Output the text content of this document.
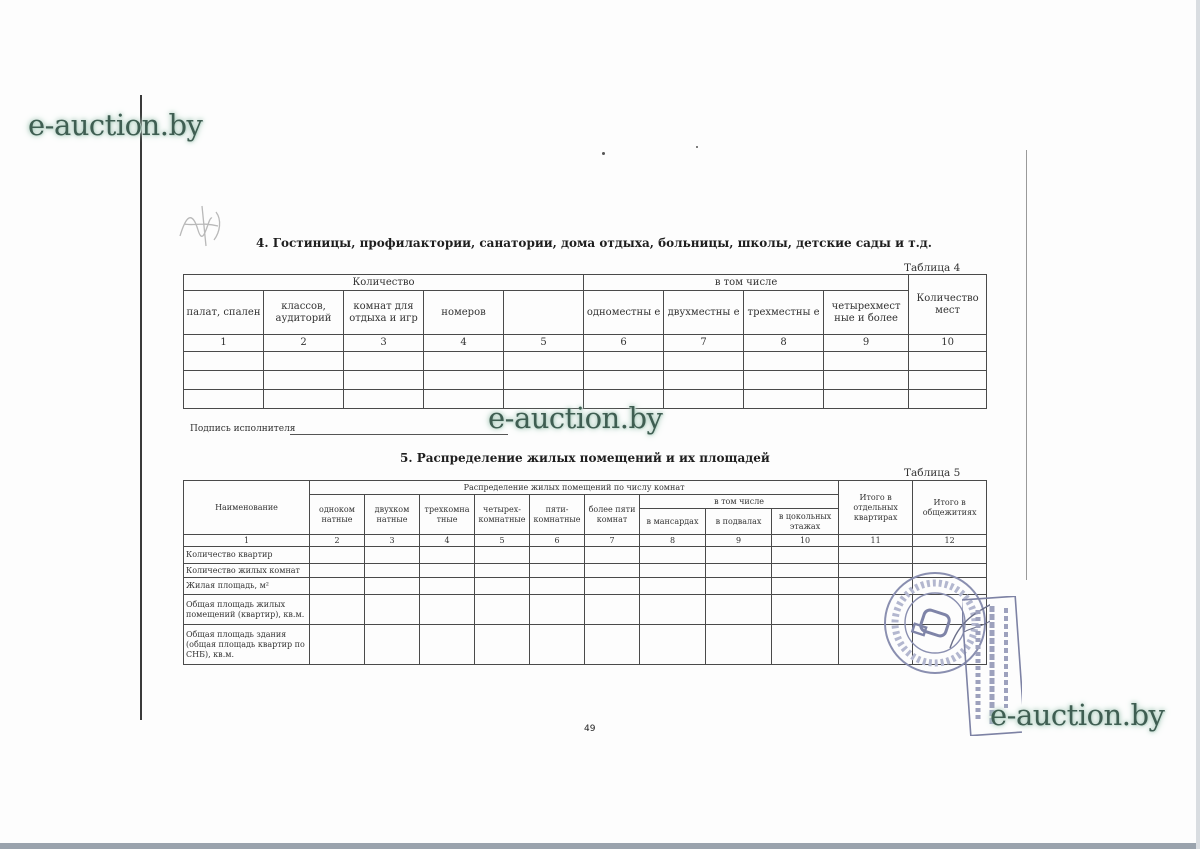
4. Гостиницы, профилактории, санатории, дома отдыха, больницы, школы, детские сады и т.д.
Таблица 4
Количество					в том числе				Количество мест
палат, спален	классов, аудиторий	комнат для отдыха и игр	номеров		одноместны е	двухместны е	трехместны е	четырехмест ные и более	
1	2	3	4	5	6	7	8	9	10

Подпись исполнителя
5. Распределение жилых помещений и их площадей
Таблица 5
Наименование	Распределение жилых помещений по числу комнат									Итого в отдельных квартирах	Итого в общежитиях
	одноком натные	двухком натные	трехкомна тные	четырех- комнатные	пяти- комнатные	более пяти комнат	в том числе				
							в мансардах	в подвалах	в цокольных этажах		
1	2	3	4	5	6	7	8	9	10	11	12
Количество квартир											
Количество жилых комнат											
Жилая площадь, м²											
Общая площадь жилых помещений (квартир), кв.м.											
Общая площадь здания (общая площадь квартир по СНБ), кв.м.											
e-auction.by
e-auction.by
e-auction.by
49
